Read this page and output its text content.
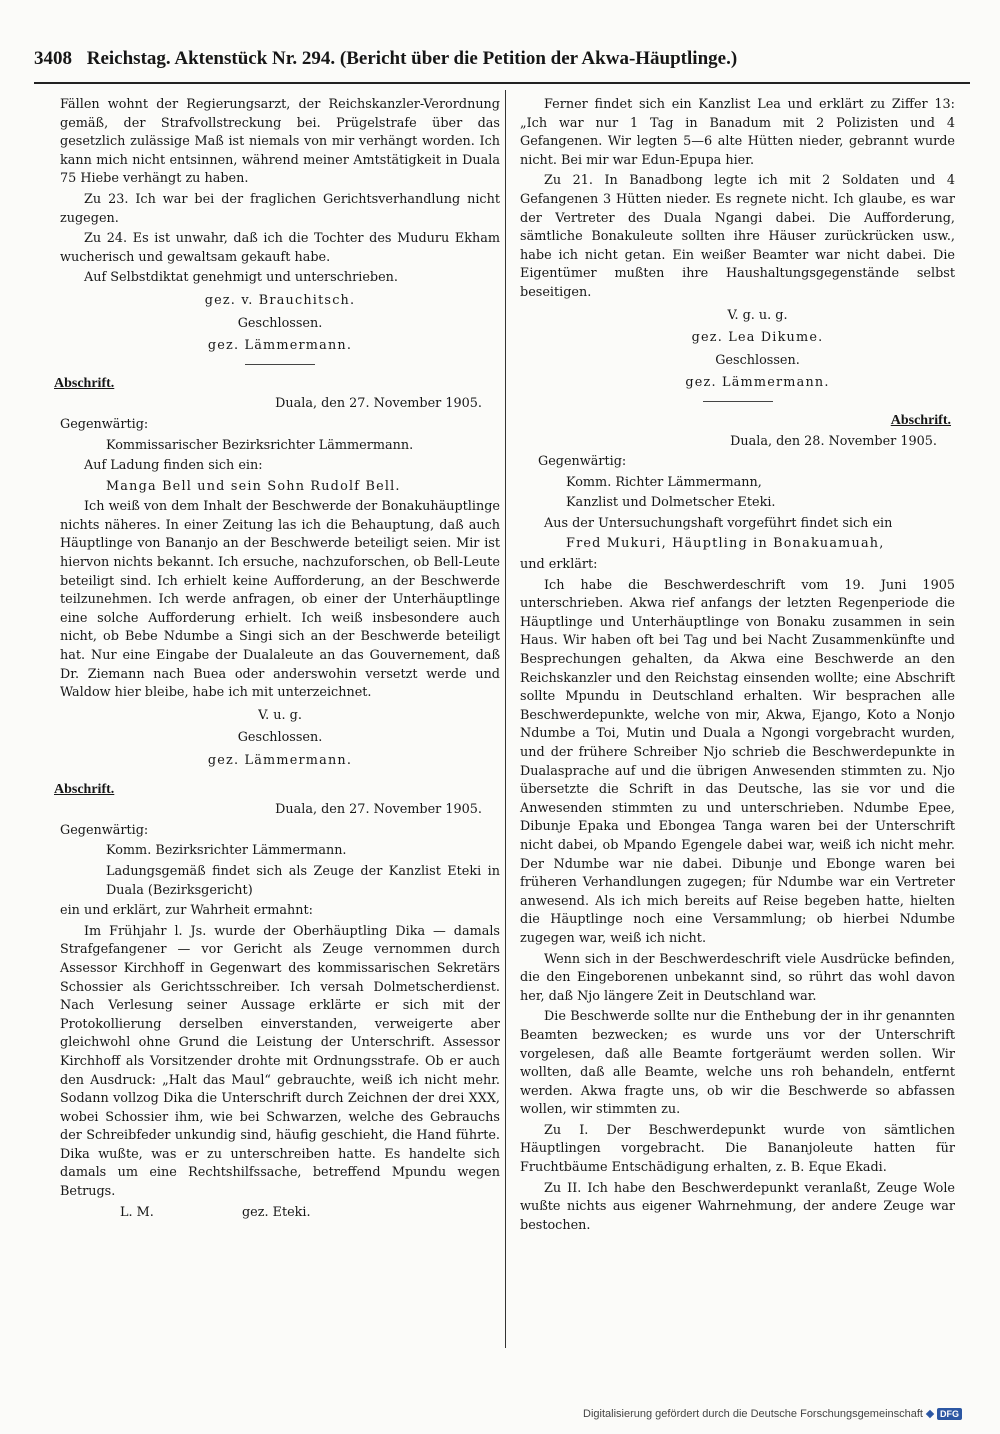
3408 Reichstag. Aktenstück Nr. 294. (Bericht über die Petition der Akwa-Häuptlinge.)

Fällen wohnt der Regierungsarzt, der Reichskanzler-Verordnung gemäß, der Strafvollstreckung bei. Prügelstrafe über das gesetzlich zulässige Maß ist niemals von mir verhängt worden. Ich kann mich nicht entsinnen, während meiner Amtstätigkeit in Duala 75 Hiebe verhängt zu haben.

Zu 23. Ich war bei der fraglichen Gerichtsverhandlung nicht zugegen.

Zu 24. Es ist unwahr, daß ich die Tochter des Muduru Ekham wucherisch und gewaltsam gekauft habe.

Auf Selbstdiktat genehmigt und unterschrieben.

gez. v. Brauchitsch.

Geschlossen.

gez. Lämmermann.

Abschrift.

Duala, den 27. November 1905.

Gegenwärtig:

Kommissarischer Bezirksrichter Lämmermann.

Auf Ladung finden sich ein:

Manga Bell und sein Sohn Rudolf Bell.

Ich weiß von dem Inhalt der Beschwerde der Bonakuhäuptlinge nichts näheres. In einer Zeitung las ich die Behauptung, daß auch Häuptlinge von Bananjo an der Beschwerde beteiligt seien. Mir ist hiervon nichts bekannt. Ich ersuche, nachzuforschen, ob Bell-Leute beteiligt sind. Ich erhielt keine Aufforderung, an der Beschwerde teilzunehmen. Ich werde anfragen, ob einer der Unterhäuptlinge eine solche Aufforderung erhielt. Ich weiß insbesondere auch nicht, ob Bebe Ndumbe a Singi sich an der Beschwerde beteiligt hat. Nur eine Eingabe der Dualaleute an das Gouvernement, daß Dr. Ziemann nach Buea oder anderswohin versetzt werde und Waldow hier bleibe, habe ich mit unterzeichnet.

V. u. g.

Geschlossen.

gez. Lämmermann.

Abschrift.

Duala, den 27. November 1905.

Gegenwärtig:

Komm. Bezirksrichter Lämmermann.

Ladungsgemäß findet sich als Zeuge der Kanzlist Eteki in Duala (Bezirksgericht)

ein und erklärt, zur Wahrheit ermahnt:

Im Frühjahr l. Js. wurde der Oberhäuptling Dika — damals Strafgefangener — vor Gericht als Zeuge vernommen durch Assessor Kirchhoff in Gegenwart des kommissarischen Sekretärs Schossier als Gerichtsschreiber. Ich versah Dolmetscherdienst. Nach Verlesung seiner Aussage erklärte er sich mit der Protokollierung derselben einverstanden, verweigerte aber gleichwohl ohne Grund die Leistung der Unterschrift. Assessor Kirchhoff als Vorsitzender drohte mit Ordnungsstrafe. Ob er auch den Ausdruck: „Halt das Maul“ gebrauchte, weiß ich nicht mehr. Sodann vollzog Dika die Unterschrift durch Zeichnen der drei XXX, wobei Schossier ihm, wie bei Schwarzen, welche des Gebrauchs der Schreibfeder unkundig sind, häufig geschieht, die Hand führte. Dika wußte, was er zu unterschreiben hatte. Es handelte sich damals um eine Rechtshilfssache, betreffend Mpundu wegen Betrugs.

L. M.	gez. Eteki.

Ferner findet sich ein Kanzlist Lea und erklärt zu Ziffer 13: „Ich war nur 1 Tag in Banadum mit 2 Polizisten und 4 Gefangenen. Wir legten 5—6 alte Hütten nieder, gebrannt wurde nicht. Bei mir war Edun-Epupa hier.

Zu 21. In Banadbong legte ich mit 2 Soldaten und 4 Gefangenen 3 Hütten nieder. Es regnete nicht. Ich glaube, es war der Vertreter des Duala Ngangi dabei. Die Aufforderung, sämtliche Bonakuleute sollten ihre Häuser zurückrücken usw., habe ich nicht getan. Ein weißer Beamter war nicht dabei. Die Eigentümer mußten ihre Haushaltungsgegenstände selbst beseitigen.

V. g. u. g.

gez. Lea Dikume.

Geschlossen.

gez. Lämmermann.

Abschrift.

Duala, den 28. November 1905.

Gegenwärtig:

Komm. Richter Lämmermann,

Kanzlist und Dolmetscher Eteki.

Aus der Untersuchungshaft vorgeführt findet sich ein

Fred Mukuri, Häuptling in Bonakuamuah,

und erklärt:

Ich habe die Beschwerdeschrift vom 19. Juni 1905 unterschrieben. Akwa rief anfangs der letzten Regenperiode die Häuptlinge und Unterhäuptlinge von Bonaku zusammen in sein Haus. Wir haben oft bei Tag und bei Nacht Zusammenkünfte und Besprechungen gehalten, da Akwa eine Beschwerde an den Reichskanzler und den Reichstag einsenden wollte; eine Abschrift sollte Mpundu in Deutschland erhalten. Wir besprachen alle Beschwerdepunkte, welche von mir, Akwa, Ejango, Koto a Nonjo Ndumbe a Toi, Mutin und Duala a Ngongi vorgebracht wurden, und der frühere Schreiber Njo schrieb die Beschwerdepunkte in Dualasprache auf und die übrigen Anwesenden stimmten zu. Njo übersetzte die Schrift in das Deutsche, las sie vor und die Anwesenden stimmten zu und unterschrieben. Ndumbe Epee, Dibunje Epaka und Ebongea Tanga waren bei der Unterschrift nicht dabei, ob Mpando Egengele dabei war, weiß ich nicht mehr. Der Ndumbe war nie dabei. Dibunje und Ebonge waren bei früheren Verhandlungen zugegen; für Ndumbe war ein Vertreter anwesend. Als ich mich bereits auf Reise begeben hatte, hielten die Häuptlinge noch eine Versammlung; ob hierbei Ndumbe zugegen war, weiß ich nicht.

Wenn sich in der Beschwerdeschrift viele Ausdrücke befinden, die den Eingeborenen unbekannt sind, so rührt das wohl davon her, daß Njo längere Zeit in Deutschland war.

Die Beschwerde sollte nur die Enthebung der in ihr genannten Beamten bezwecken; es wurde uns vor der Unterschrift vorgelesen, daß alle Beamte fortgeräumt werden sollen. Wir wollten, daß alle Beamte, welche uns roh behandeln, entfernt werden. Akwa fragte uns, ob wir die Beschwerde so abfassen wollen, wir stimmten zu.

Zu I. Der Beschwerdepunkt wurde von sämtlichen Häuptlingen vorgebracht. Die Bananjoleute hatten für Fruchtbäume Entschädigung erhalten, z. B. Eque Ekadi.

Zu II. Ich habe den Beschwerdepunkt veranlaßt, Zeuge Wole wußte nichts aus eigener Wahrnehmung, der andere Zeuge war bestochen.

Digitalisierung gefördert durch die Deutsche Forschungsgemeinschaft	DFG
